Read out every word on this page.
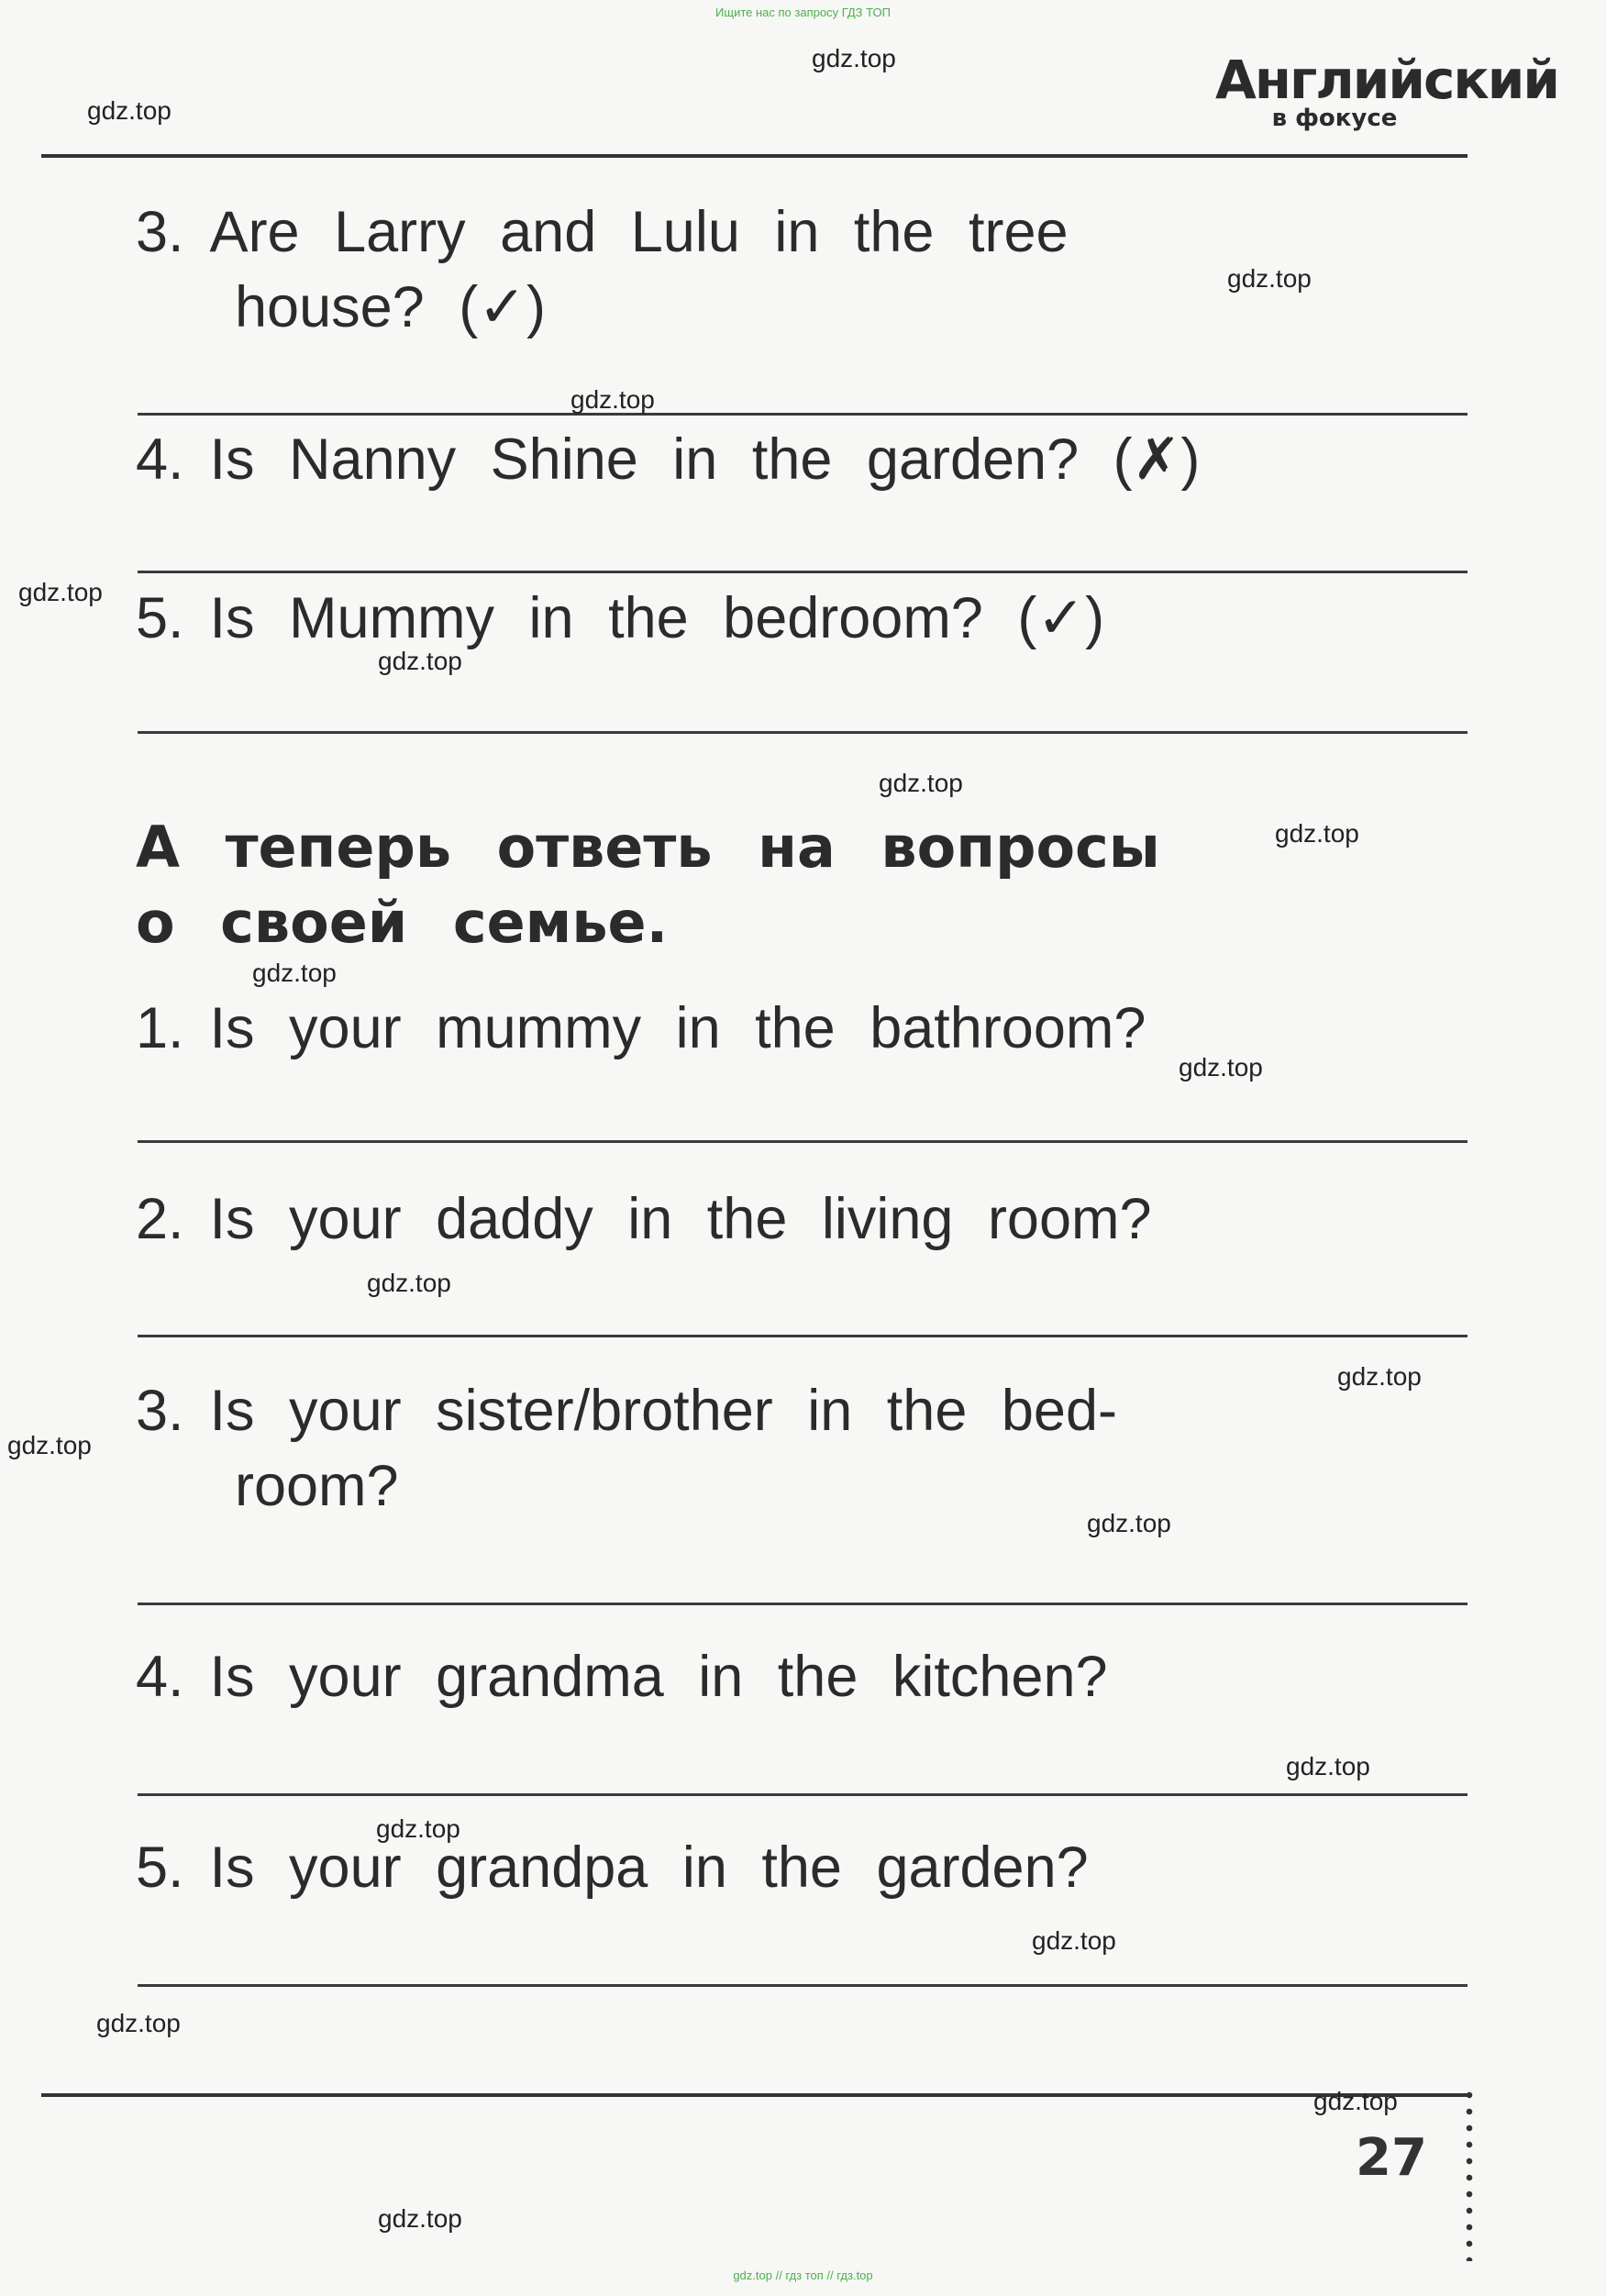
Ищите нас по запросу ГДЗ ТОП
Английский
в фокусе
3. Are Larry and Lulu in the tree
house? (✓)
4. Is Nanny Shine in the garden? (✗)
5. Is Mummy in the bedroom? (✓)
А теперь ответь на вопросы
о своей семье.
1. Is your mummy in the bathroom?
2. Is your daddy in the living room?
3. Is your sister/brother in the bed-
room?
4. Is your grandma in the kitchen?
5. Is your grandpa in the garden?
27
gdz.top
gdz.top
gdz.top
gdz.top
gdz.top
gdz.top
gdz.top
gdz.top
gdz.top
gdz.top
gdz.top
gdz.top
gdz.top
gdz.top
gdz.top
gdz.top
gdz.top
gdz.top
gdz.top
gdz.top
gdz.top // гдз топ // гдз.top
